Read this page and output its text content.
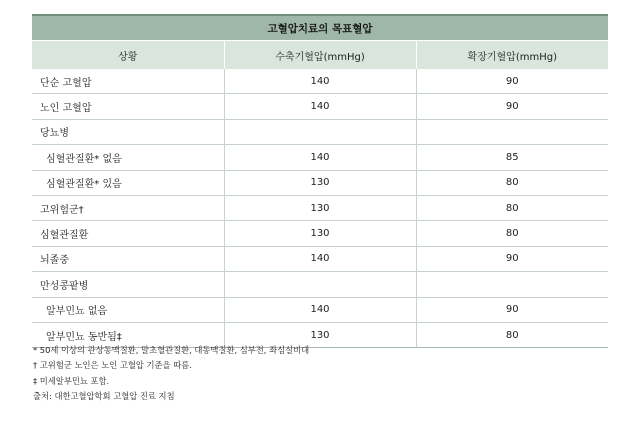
고혈압치료의 목표혈압		
상황	수축기혈압(mmHg)	확장기혈압(mmHg)
단순 고혈압	140	90
노인 고혈압	140	90
당뇨병		
심혈관질환* 없음	140	85
심혈관질환* 있음	130	80
고위험군†	130	80
심혈관질환	130	80
뇌졸중	140	90
만성콩팥병		
알부민뇨 없음	140	90
알부민뇨 동반됨‡	130	80
* 50세 이상의 관상동맥질환, 말초혈관질환, 대동맥질환, 심부전, 좌심실비대
† 고위험군 노인은 노인 고혈압 기준을 따름.
‡ 미세알부민뇨 포함.
출처: 대한고혈압학회 고혈압 진료 지침
